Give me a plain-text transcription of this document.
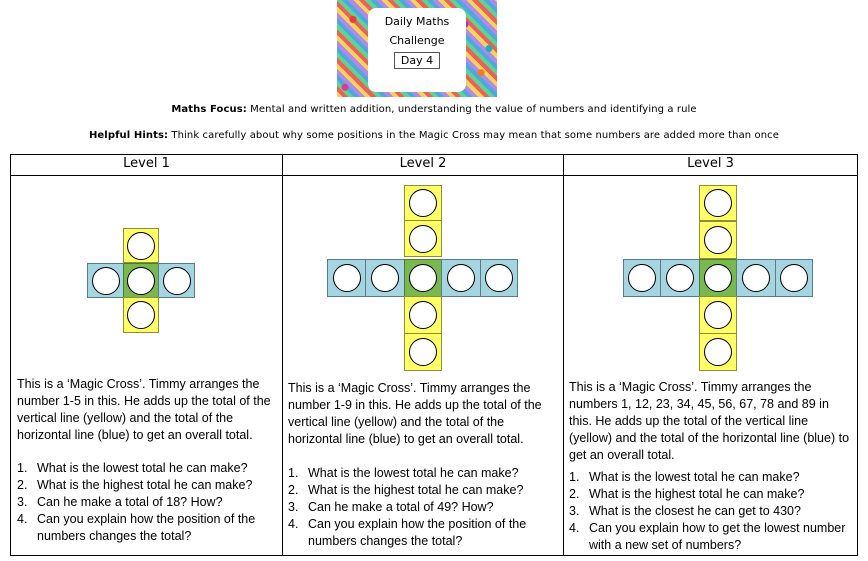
Daily Maths
Challenge
Day 4
Maths Focus: Mental and written addition, understanding the value of numbers and identifying a rule
Helpful Hints: Think carefully about why some positions in the Magic Cross may mean that some numbers are added more than once
Level 1	Level 2	Level 3

This is a ‘Magic Cross’. Timmy arranges the number 1-5 in this. He adds up the total of the vertical line (yellow) and the total of the horizontal line (blue) to get an overall total.

1. What is the lowest total he can make?
2. What is the highest total he can make?
3. Can he make a total of 18? How?
4. Can you explain how the position of the numbers changes the total?

This is a ‘Magic Cross’. Timmy arranges the number 1-9 in this. He adds up the total of the vertical line (yellow) and the total of the horizontal line (blue) to get an overall total.

1. What is the lowest total he can make?
2. What is the highest total he can make?
3. Can he make a total of 49? How?
4. Can you explain how the position of the numbers changes the total?

This is a ‘Magic Cross’. Timmy arranges the numbers 1, 12, 23, 34, 45, 56, 67, 78 and 89 in this. He adds up the total of the vertical line (yellow) and the total of the horizontal line (blue) to get an overall total.

1. What is the lowest total he can make?
2. What is the highest total he can make?
3. What is the closest he can get to 430?
4. Can you explain how to get the lowest number with a new set of numbers?
